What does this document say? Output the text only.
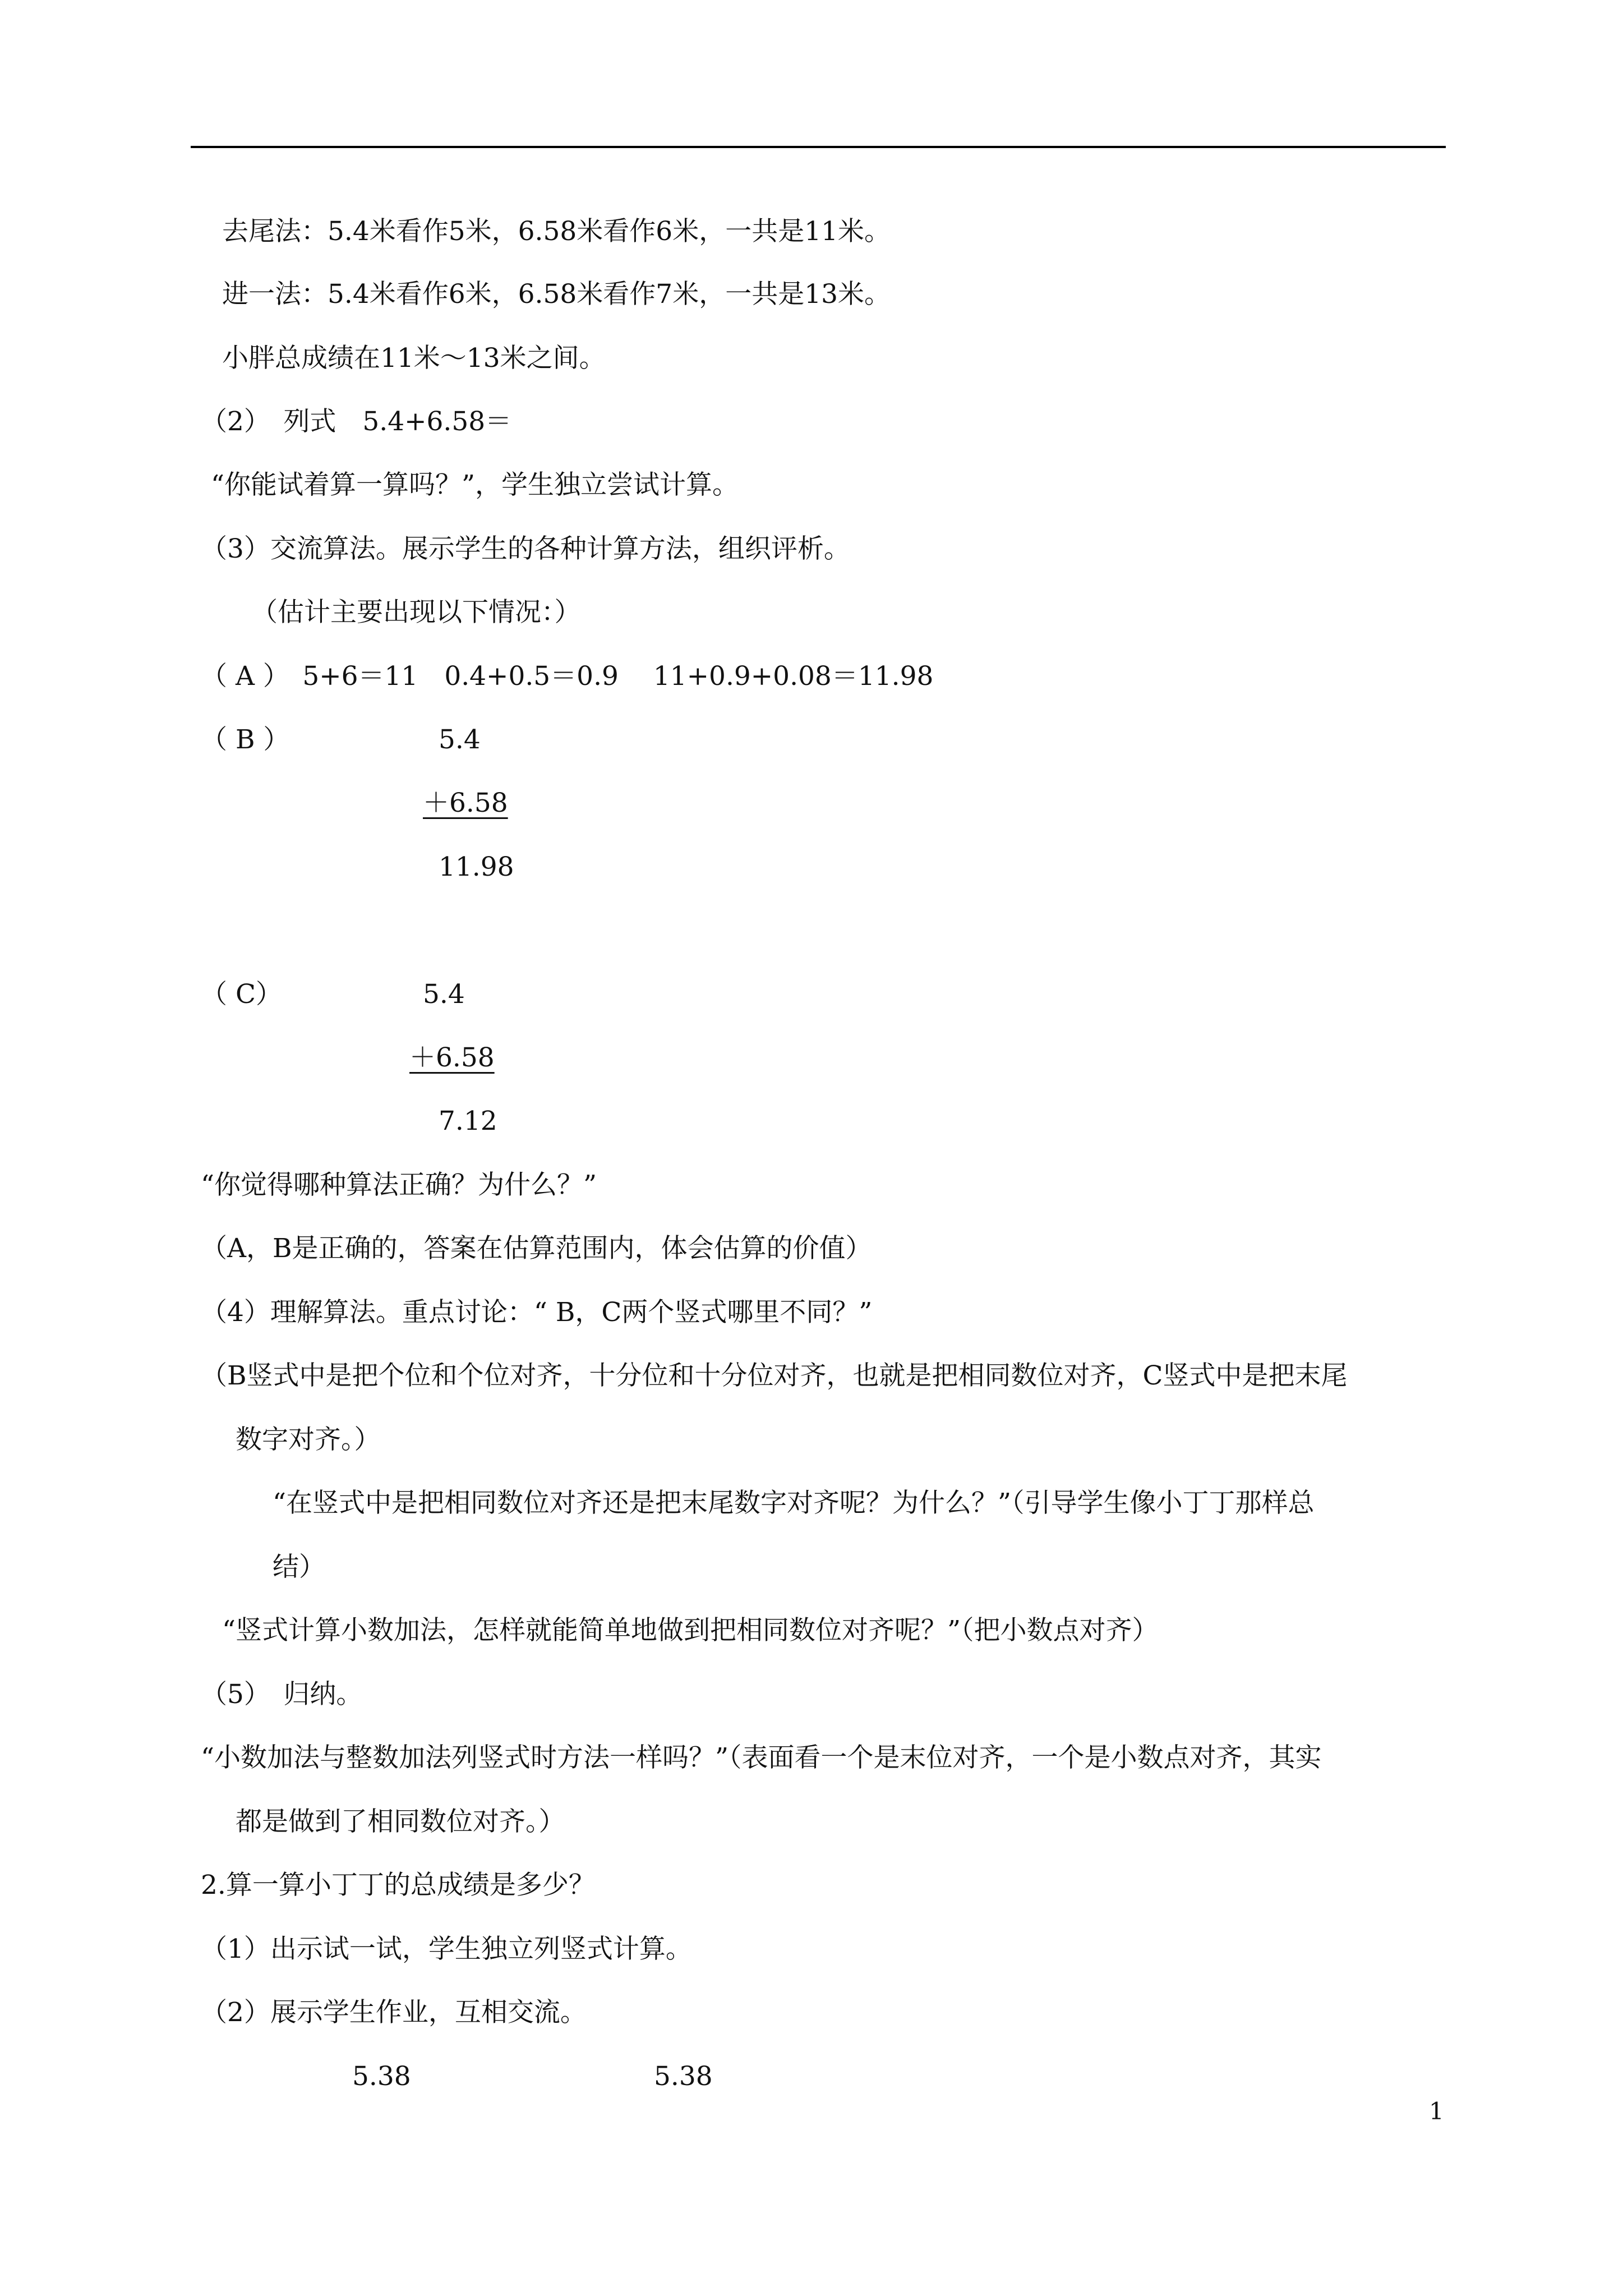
去尾法：5.4米看作5米，6.58米看作6米，一共是11米。
进一法：5.4米看作6米，6.58米看作7米，一共是13米。
小胖总成绩在11米～13米之间。
（2）　列式　5.4+6.58＝
“你能试着算一算吗？”，学生独立尝试计算。
（3）交流算法。展示学生的各种计算方法，组织评析。
（估计主要出现以下情况：）
（ A ）　5+6＝11　0.4+0.5＝0.9　 11+0.9+0.08＝11.98
（ B ）	5.4
＋6.58
11.98
（ C）	5.4
＋6.58
7.12
“你觉得哪种算法正确？为什么？”
（A，B是正确的，答案在估算范围内，体会估算的价值）
（4）理解算法。重点讨论：“ B，C两个竖式哪里不同？”
（B竖式中是把个位和个位对齐，十分位和十分位对齐，也就是把相同数位对齐，C竖式中是把末尾
数字对齐。）
“在竖式中是把相同数位对齐还是把末尾数字对齐呢？为什么？”（引导学生像小丁丁那样总
结）
“竖式计算小数加法，怎样就能简单地做到把相同数位对齐呢？”（把小数点对齐）
（5）　归纳。
“小数加法与整数加法列竖式时方法一样吗？”（表面看一个是末位对齐，一个是小数点对齐，其实
都是做到了相同数位对齐。）
2.算一算小丁丁的总成绩是多少？
（1）出示试一试，学生独立列竖式计算。
（2）展示学生作业，互相交流。
5.38	5.38
1
